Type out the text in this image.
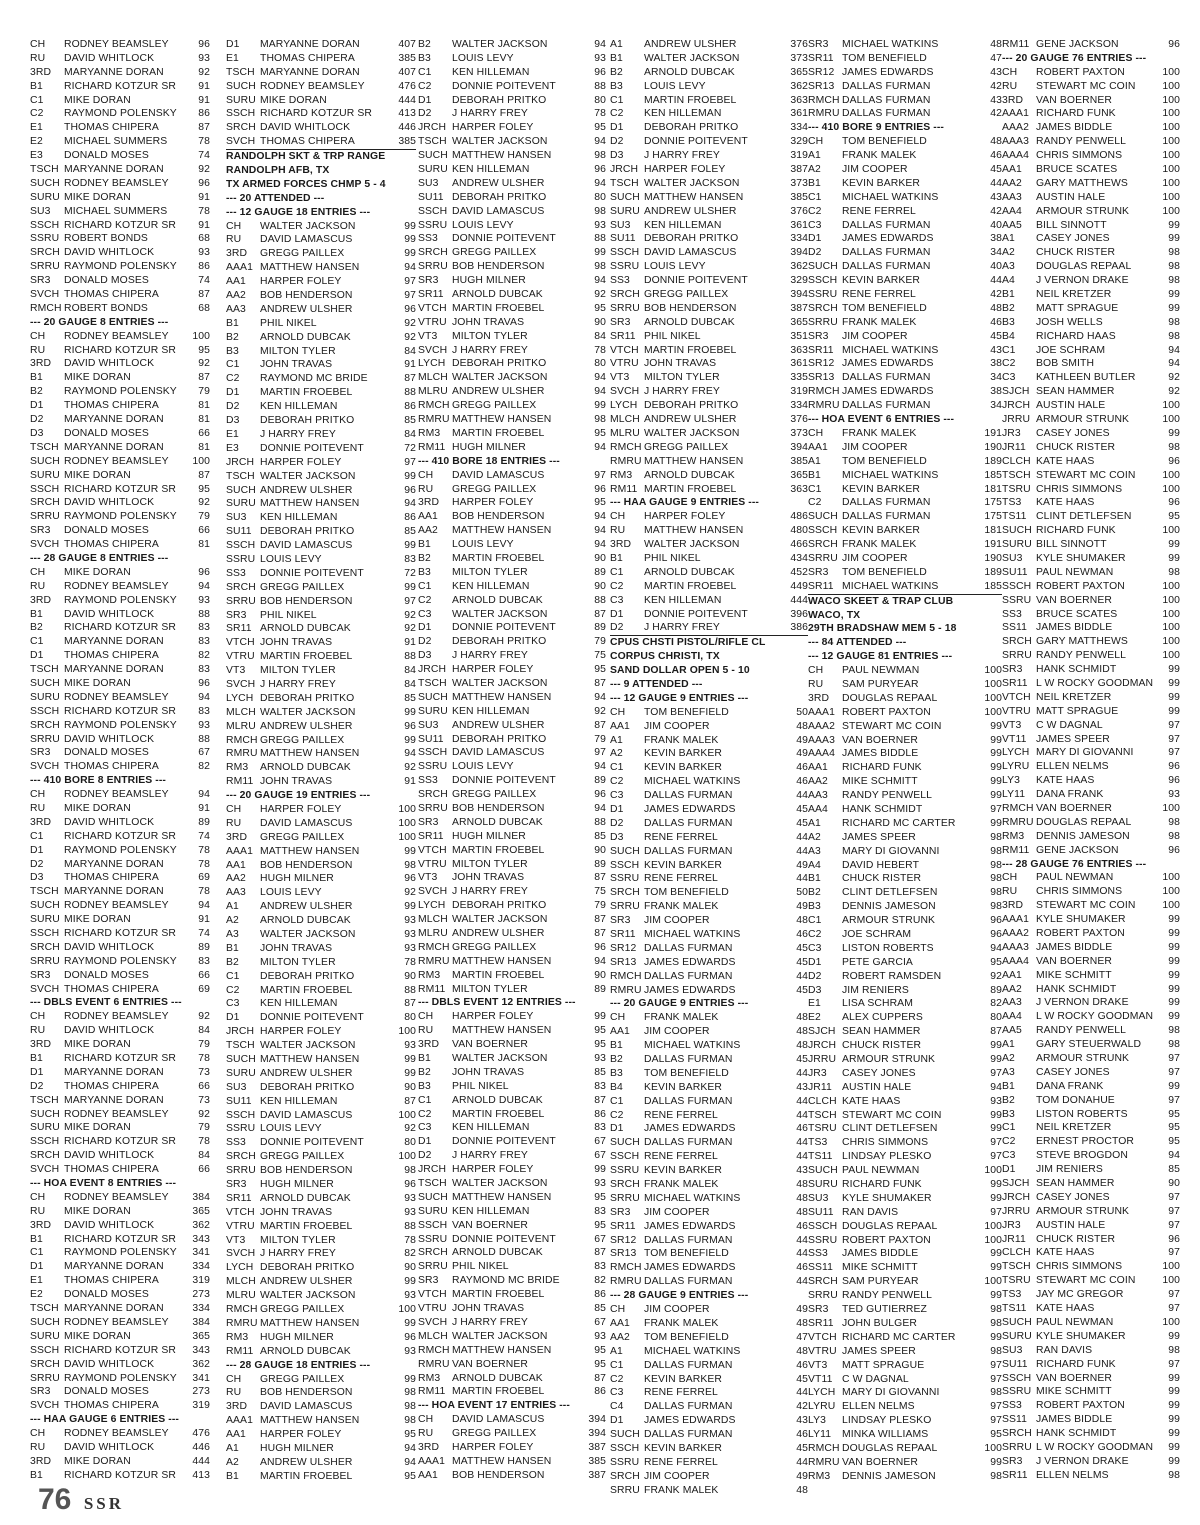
CH RODNEY BEAMSLEY	96
RU DAVID WHITLOCK	93
3RD MARYANNE DORAN	92
B1 RICHARD KOTZUR SR 91
C1 MIKE DORAN	91
C2 RAYMOND POLENSKY 86
E1 THOMAS CHIPERA	87
E2 MICHAEL SUMMERS	78
E3 DONALD MOSES	74
TSCH MARYANNE DORAN	92
SUCH RODNEY BEAMSLEY	96
SURU MIKE DORAN	91
SU3 MICHAEL SUMMERS	78
SSCH RICHARD KOTZUR SR 91
SSRU ROBERT BONDS	68
SRCH DAVID WHITLOCK	93
SRRU RAYMOND POLENSKY 86
SR3 DONALD MOSES	74
SVCH THOMAS CHIPERA	87
RMCH ROBERT BONDS	68
--- 20 GAUGE 8 ENTRIES ---
CH RODNEY BEAMSLEY 100
RU RICHARD KOTZUR SR 95
3RD DAVID WHITLOCK	92
B1 MIKE DORAN	87
B2 RAYMOND POLENSKY 79
D1 THOMAS CHIPERA	81
D2 MARYANNE DORAN	81
D3 DONALD MOSES	66
TSCH MARYANNE DORAN	81
SUCH RODNEY BEAMSLEY 100
SURU MIKE DORAN	87
SSCH RICHARD KOTZUR SR 95
SRCH DAVID WHITLOCK	92
SRRU RAYMOND POLENSKY 79
SR3 DONALD MOSES	66
SVCH THOMAS CHIPERA	81
--- 28 GAUGE 8 ENTRIES ---
CH MIKE DORAN	96
RU RODNEY BEAMSLEY	94
3RD RAYMOND POLENSKY 93
B1 DAVID WHITLOCK	88
B2 RICHARD KOTZUR SR 83
C1 MARYANNE DORAN	83
D1 THOMAS CHIPERA	82
TSCH MARYANNE DORAN	83
SUCH MIKE DORAN	96
SURU RODNEY BEAMSLEY	94
SSCH RICHARD KOTZUR SR 83
SRCH RAYMOND POLENSKY 93
SRRU DAVID WHITLOCK	88
SR3 DONALD MOSES	67
SVCH THOMAS CHIPERA	82
--- 410 BORE 8 ENTRIES ---
CH RODNEY BEAMSLEY	94
RU MIKE DORAN	91
3RD DAVID WHITLOCK	89
C1 RICHARD KOTZUR SR 74
D1 RAYMOND POLENSKY 78
D2 MARYANNE DORAN	78
D3 THOMAS CHIPERA	69
TSCH MARYANNE DORAN	78
SUCH RODNEY BEAMSLEY	94
SURU MIKE DORAN	91
SSCH RICHARD KOTZUR SR 74
SRCH DAVID WHITLOCK	89
SRRU RAYMOND POLENSKY 83
SR3 DONALD MOSES	66
SVCH THOMAS CHIPERA	69
--- DBLS EVENT 6 ENTRIES ---
CH RODNEY BEAMSLEY	92
RU DAVID WHITLOCK	84
3RD MIKE DORAN	79
B1 RICHARD KOTZUR SR 78
D1 MARYANNE DORAN	73
D2 THOMAS CHIPERA	66
TSCH MARYANNE DORAN	73
SUCH RODNEY BEAMSLEY	92
SURU MIKE DORAN	79
SSCH RICHARD KOTZUR SR 78
SRCH DAVID WHITLOCK	84
SVCH THOMAS CHIPERA	66
--- HOA EVENT 8 ENTRIES ---
CH RODNEY BEAMSLEY 384
RU MIKE DORAN	365
3RD DAVID WHITLOCK	362
B1 RICHARD KOTZUR SR 343
C1 RAYMOND POLENSKY 341
D1 MARYANNE DORAN	334
E1 THOMAS CHIPERA	319
E2 DONALD MOSES	273
TSCH MARYANNE DORAN	334
SUCH RODNEY BEAMSLEY 384
SURU MIKE DORAN	365
SSCH RICHARD KOTZUR SR 343
SRCH DAVID WHITLOCK	362
SRRU RAYMOND POLENSKY 341
SR3 DONALD MOSES	273
SVCH THOMAS CHIPERA	319
--- HAA GAUGE 6 ENTRIES ---
CH RODNEY BEAMSLEY 476
RU DAVID WHITLOCK	446
3RD MIKE DORAN	444
B1 RICHARD KOTZUR SR 413
D1 MARYANNE DORAN	407
E1 THOMAS CHIPERA	385
TSCH MARYANNE DORAN	407
SUCH RODNEY BEAMSLEY	476
SURU MIKE DORAN	444
SSCH RICHARD KOTZUR SR	413
SRCH DAVID WHITLOCK	446
SVCH THOMAS CHIPERA	385
RANDOLPH SKT & TRP RANGE
RANDOLPH AFB, TX
TX ARMED FORCES CHMP 5 - 4
--- 20 ATTENDED ---
--- 12 GAUGE 18 ENTRIES ---
CH WALTER JACKSON	99
RU DAVID LAMASCUS	99
3RD GREGG PAILLEX	99
AAA1 MATTHEW HANSEN	94
AA1 HARPER FOLEY	97
AA2 BOB HENDERSON	97
AA3 ANDREW ULSHER	96
B1 PHIL NIKEL	92
B2 ARNOLD DUBCAK	92
B3 MILTON TYLER	84
C1 JOHN TRAVAS	91
C2 RAYMOND MC BRIDE	87
D1 MARTIN FROEBEL	88
D2 KEN HILLEMAN	86
D3 DEBORAH PRITKO	85
E1 J HARRY FREY	84
E3 DONNIE POITEVENT	72
JRCH HARPER FOLEY	97
TSCH WALTER JACKSON	99
SUCH ANDREW ULSHER	96
SURU MATTHEW HANSEN	94
SU3 KEN HILLEMAN	86
SU11 DEBORAH PRITKO	85
SSCH DAVID LAMASCUS	99
SSRU LOUIS LEVY	83
SS3 DONNIE POITEVENT	72
SRCH GREGG PAILLEX	99
SRRU BOB HENDERSON	97
SR3 PHIL NIKEL	92
SR11 ARNOLD DUBCAK	92
VTCH JOHN TRAVAS	91
VTRU MARTIN FROEBEL	88
VT3 MILTON TYLER	84
SVCH J HARRY FREY	84
LYCH DEBORAH PRITKO	85
MLCH WALTER JACKSON	99
MLRU ANDREW ULSHER	96
RMCH GREGG PAILLEX	99
RMRU MATTHEW HANSEN	94
RM3 ARNOLD DUBCAK	92
RM11 JOHN TRAVAS	91
--- 20 GAUGE 19 ENTRIES ---
CH HARPER FOLEY	100
RU DAVID LAMASCUS	100
3RD GREGG PAILLEX	100
AAA1 MATTHEW HANSEN	99
AA1 BOB HENDERSON	98
AA2 HUGH MILNER	96
AA3 LOUIS LEVY	92
A1 ANDREW ULSHER	99
A2 ARNOLD DUBCAK	93
A3 WALTER JACKSON	93
B1 JOHN TRAVAS	93
B2 MILTON TYLER	78
C1 DEBORAH PRITKO	90
C2 MARTIN FROEBEL	88
C3 KEN HILLEMAN	87
D1 DONNIE POITEVENT	80
JRCH HARPER FOLEY	100
TSCH WALTER JACKSON	93
SUCH MATTHEW HANSEN	99
SURU ANDREW ULSHER	99
SU3 DEBORAH PRITKO	90
SU11 KEN HILLEMAN	87
SSCH DAVID LAMASCUS	100
SSRU LOUIS LEVY	92
SS3 DONNIE POITEVENT	80
SRCH GREGG PAILLEX	100
SRRU BOB HENDERSON	98
SR3 HUGH MILNER	96
SR11 ARNOLD DUBCAK	93
VTCH JOHN TRAVAS	93
VTRU MARTIN FROEBEL	88
VT3 MILTON TYLER	78
SVCH J HARRY FREY	82
LYCH DEBORAH PRITKO	90
MLCH ANDREW ULSHER	99
MLRU WALTER JACKSON	93
RMCH GREGG PAILLEX	100
RMRU MATTHEW HANSEN	99
RM3 HUGH MILNER	96
RM11 ARNOLD DUBCAK	93
--- 28 GAUGE 18 ENTRIES ---
CH GREGG PAILLEX	99
RU BOB HENDERSON	98
3RD DAVID LAMASCUS	98
AAA1 MATTHEW HANSEN	98
AA1 HARPER FOLEY	95
A1 HUGH MILNER	94
A2 ANDREW ULSHER	94
B1 MARTIN FROEBEL	95
B2 WALTER JACKSON	94
B3 LOUIS LEVY	93
C1 KEN HILLEMAN	96
C2 DONNIE POITEVENT	88
D1 DEBORAH PRITKO	80
D2 J HARRY FREY	78
JRCH HARPER FOLEY	95
TSCH WALTER JACKSON	94
SUCH MATTHEW HANSEN	98
SURU KEN HILLEMAN	96
SU3 ANDREW ULSHER	94
SU11 DEBORAH PRITKO	80
SSCH DAVID LAMASCUS	98
SSRU LOUIS LEVY	93
SS3 DONNIE POITEVENT	88
SRCH GREGG PAILLEX	99
SRRU BOB HENDERSON	98
SR3 HUGH MILNER	94
SR11 ARNOLD DUBCAK	92
VTCH MARTIN FROEBEL	95
VTRU JOHN TRAVAS	90
VT3 MILTON TYLER	84
SVCH J HARRY FREY	78
LYCH DEBORAH PRITKO	80
MLCH WALTER JACKSON	94
MLRU ANDREW ULSHER	94
RMCH GREGG PAILLEX	99
RMRU MATTHEW HANSEN	98
RM3 MARTIN FROEBEL	95
RM11 HUGH MILNER	94
--- 410 BORE 18 ENTRIES ---
CH DAVID LAMASCUS	97
RU GREGG PAILLEX	96
3RD HARPER FOLEY	95
AA1 BOB HENDERSON	94
AA2 MATTHEW HANSEN	94
B1 LOUIS LEVY	94
B2 MARTIN FROEBEL	90
B3 MILTON TYLER	89
C1 KEN HILLEMAN	90
C2 ARNOLD DUBCAK	88
C3 WALTER JACKSON	87
D1 DONNIE POITEVENT	89
D2 DEBORAH PRITKO	79
D3 J HARRY FREY	75
JRCH HARPER FOLEY	95
TSCH WALTER JACKSON	87
SUCH MATTHEW HANSEN	94
SURU KEN HILLEMAN	92
SU3 ANDREW ULSHER	87
SU11 DEBORAH PRITKO	79
SSCH DAVID LAMASCUS	97
SSRU LOUIS LEVY	94
SS3 DONNIE POITEVENT	89
SRCH GREGG PAILLEX	96
SRRU BOB HENDERSON	94
SR3 ARNOLD DUBCAK	88
SR11 HUGH MILNER	85
VTCH MARTIN FROEBEL	90
VTRU MILTON TYLER	89
VT3 JOHN TRAVAS	87
SVCH J HARRY FREY	75
LYCH DEBORAH PRITKO	79
MLCH WALTER JACKSON	87
MLRU ANDREW ULSHER	87
RMCH GREGG PAILLEX	96
RMRU MATTHEW HANSEN	94
RM3 MARTIN FROEBEL	90
RM11 MILTON TYLER	89
--- DBLS EVENT 12 ENTRIES ---
CH HARPER FOLEY	99
RU MATTHEW HANSEN	95
3RD VAN BOERNER	95
B1 WALTER JACKSON	93
B2 JOHN TRAVAS	85
B3 PHIL NIKEL	83
C1 ARNOLD DUBCAK	87
C2 MARTIN FROEBEL	86
C3 KEN HILLEMAN	83
D1 DONNIE POITEVENT	67
D2 J HARRY FREY	67
JRCH HARPER FOLEY	99
TSCH WALTER JACKSON	93
SUCH MATTHEW HANSEN	95
SURU KEN HILLEMAN	83
SSCH VAN BOERNER	95
SSRU DONNIE POITEVENT	67
SRCH ARNOLD DUBCAK	87
SRRU PHIL NIKEL	83
SR3 RAYMOND MC BRIDE	82
VTCH MARTIN FROEBEL	86
VTRU JOHN TRAVAS	85
SVCH J HARRY FREY	67
MLCH WALTER JACKSON	93
RMCH MATTHEW HANSEN	95
RMRU VAN BOERNER	95
RM3 ARNOLD DUBCAK	87
RM11 MARTIN FROEBEL	86
--- HOA EVENT 17 ENTRIES ---
CH DAVID LAMASCUS	394
RU GREGG PAILLEX	394
3RD HARPER FOLEY	387
AAA1 MATTHEW HANSEN	385
AA1 BOB HENDERSON	387
A1 ANDREW ULSHER	376
B1 WALTER JACKSON	373
B2 ARNOLD DUBCAK	365
B3 LOUIS LEVY	362
C1 MARTIN FROEBEL	363
C2 KEN HILLEMAN	361
D1 DEBORAH PRITKO	334
D2 DONNIE POITEVENT	329
D3 J HARRY FREY	319
JRCH HARPER FOLEY	387
TSCH WALTER JACKSON	373
SUCH MATTHEW HANSEN	385
SURU ANDREW ULSHER	376
SU3 KEN HILLEMAN	361
SU11 DEBORAH PRITKO	334
SSCH DAVID LAMASCUS	394
SSRU LOUIS LEVY	362
SS3 DONNIE POITEVENT	329
SRCH GREGG PAILLEX	394
SRRU BOB HENDERSON	387
SR3 ARNOLD DUBCAK	365
SR11 PHIL NIKEL	351
VTCH MARTIN FROEBEL	363
VTRU JOHN TRAVAS	361
VT3 MILTON TYLER	335
SVCH J HARRY FREY	319
LYCH DEBORAH PRITKO	334
MLCH ANDREW ULSHER	376
MLRU WALTER JACKSON	373
RMCH GREGG PAILLEX	394
RMRU MATTHEW HANSEN	385
RM3 ARNOLD DUBCAK	365
RM11 MARTIN FROEBEL	363
--- HAA GAUGE 9 ENTRIES ---
CH HARPER FOLEY	486
RU MATTHEW HANSEN	480
3RD WALTER JACKSON	466
B1 PHIL NIKEL	434
C1 ARNOLD DUBCAK	452
C2 MARTIN FROEBEL	449
C3 KEN HILLEMAN	444
D1 DONNIE POITEVENT	396
D2 J HARRY FREY	386
CPUS CHSTI PISTOL/RIFLE CL
CORPUS CHRISTI, TX
SAND DOLLAR OPEN 5 - 10
--- 9 ATTENDED ---
--- 12 GAUGE 9 ENTRIES ---
CH TOM BENEFIELD	50
AA1 JIM COOPER	48
A1 FRANK MALEK	49
A2 KEVIN BARKER	49
C1 KEVIN BARKER	46
C2 MICHAEL WATKINS	46
C3 DALLAS FURMAN	44
D1 JAMES EDWARDS	45
D2 DALLAS FURMAN	45
D3 RENE FERREL	44
SUCH DALLAS FURMAN	44
SSCH KEVIN BARKER	49
SSRU RENE FERREL	44
SRCH TOM BENEFIELD	50
SRRU FRANK MALEK	49
SR3 JIM COOPER	48
SR11 MICHAEL WATKINS	46
SR12 DALLAS FURMAN	45
SR13 JAMES EDWARDS	45
RMCH DALLAS FURMAN	44
RMRU JAMES EDWARDS	45
--- 20 GAUGE 9 ENTRIES ---
CH FRANK MALEK	48
AA1 JIM COOPER	48
B1 MICHAEL WATKINS	48
B2 DALLAS FURMAN	45
B3 TOM BENEFIELD	44
B4 KEVIN BARKER	43
C1 DALLAS FURMAN	44
C2 RENE FERREL	44
D1 JAMES EDWARDS	46
SUCH DALLAS FURMAN	44
SSCH RENE FERREL	44
SSRU KEVIN BARKER	43
SRCH FRANK MALEK	48
SRRU MICHAEL WATKINS	48
SR3 JIM COOPER	48
SR11 JAMES EDWARDS	46
SR12 DALLAS FURMAN	44
SR13 TOM BENEFIELD	44
RMCH JAMES EDWARDS	46
RMRU DALLAS FURMAN	44
--- 28 GAUGE 9 ENTRIES ---
CH JIM COOPER	49
AA1 FRANK MALEK	48
AA2 TOM BENEFIELD	47
A1 MICHAEL WATKINS	48
C1 DALLAS FURMAN	46
C2 KEVIN BARKER	45
C3 RENE FERREL	44
C4 DALLAS FURMAN	42
D1 JAMES EDWARDS	43
SUCH DALLAS FURMAN	46
SSCH KEVIN BARKER	45
SSRU RENE FERREL	44
SRCH JIM COOPER	49
SRRU FRANK MALEK	48
SR3 MICHAEL WATKINS	48
SR11 TOM BENEFIELD	47
SR12 JAMES EDWARDS	43
SR13 DALLAS FURMAN	42
RMCH DALLAS FURMAN	43
RMRU DALLAS FURMAN	42
--- 410 BORE 9 ENTRIES ---
CH TOM BENEFIELD	48
A1 FRANK MALEK	46
A2 JIM COOPER	45
B1 KEVIN BARKER	44
C1 MICHAEL WATKINS	43
C2 RENE FERREL	42
C3 DALLAS FURMAN	40
D1 JAMES EDWARDS	38
D2 DALLAS FURMAN	34
SUCH DALLAS FURMAN	40
SSCH KEVIN BARKER	44
SSRU RENE FERREL	42
SRCH TOM BENEFIELD	48
SRRU FRANK MALEK	46
SR3 JIM COOPER	45
SR11 MICHAEL WATKINS	43
SR12 JAMES EDWARDS	38
SR13 DALLAS FURMAN	34
RMCH JAMES EDWARDS	38
RMRU DALLAS FURMAN	34
--- HOA EVENT 6 ENTRIES ---
CH FRANK MALEK	191
AA1 JIM COOPER	190
A1 TOM BENEFIELD	189
B1 MICHAEL WATKINS	185
C1 KEVIN BARKER	181
C2 DALLAS FURMAN	175
SUCH DALLAS FURMAN	175
SSCH KEVIN BARKER	181
SRCH FRANK MALEK	191
SRRU JIM COOPER	190
SR3 TOM BENEFIELD	189
SR11 MICHAEL WATKINS	185
WACO SKEET & TRAP CLUB
WACO, TX
29TH BRADSHAW MEM 5 - 18
--- 84 ATTENDED ---
--- 12 GAUGE 81 ENTRIES ---
CH PAUL NEWMAN	100
RU SAM PURYEAR	100
3RD DOUGLAS REPAAL	100
AAA1 ROBERT PAXTON	100
AAA2 STEWART MC COIN	99
AAA3 VAN BOERNER	99
AAA4 JAMES BIDDLE	99
AA1 RICHARD FUNK	99
AA2 MIKE SCHMITT	99
AA3 RANDY PENWELL	99
AA4 HANK SCHMIDT	97
A1 RICHARD MC CARTER	99
A2 JAMES SPEER	98
A3 MARY DI GIOVANNI	98
A4 DAVID HEBERT	98
B1 CHUCK RISTER	98
B2 CLINT DETLEFSEN	98
B3 DENNIS JAMESON	98
C1 ARMOUR STRUNK	96
C2 JOE SCHRAM	96
C3 LISTON ROBERTS	94
D1 PETE GARCIA	95
D2 ROBERT RAMSDEN	92
D3 JIM RENIERS	89
E1 LISA SCHRAM	82
E2 ALEX CUPPERS	80
SJCH SEAN HAMMER	87
JRCH CHUCK RISTER	99
JRRU ARMOUR STRUNK	99
JR3 CASEY JONES	97
JR11 AUSTIN HALE	94
CLCH KATE HAAS	93
TSCH STEWART MC COIN	99
TSRU CLINT DETLEFSEN	99
TS3 CHRIS SIMMONS	97
TS11 LINDSAY PLESKO	97
SUCH PAUL NEWMAN	100
SURU RICHARD FUNK	99
SU3 KYLE SHUMAKER	99
SU11 RAN DAVIS	97
SSCH DOUGLAS REPAAL	100
SSRU ROBERT PAXTON	100
SS3 JAMES BIDDLE	99
SS11 MIKE SCHMITT	99
SRCH SAM PURYEAR	100
SRRU RANDY PENWELL	99
SR3 TED GUTIERREZ	98
SR11 JOHN BULGER	98
VTCH RICHARD MC CARTER	99
VTRU JAMES SPEER	98
VT3 MATT SPRAGUE	97
VT11 C W DAGNAL	97
LYCH MARY DI GIOVANNI	98
LYRU ELLEN NELMS	97
LY3 LINDSAY PLESKO	97
LY11 MINKA WILLIAMS	95
RMCH DOUGLAS REPAAL	100
RMRU VAN BOERNER	99
RM3 DENNIS JAMESON	98
RM11 GENE JACKSON	96
--- 20 GAUGE 76 ENTRIES ---
CH ROBERT PAXTON	100
RU STEWART MC COIN	100
3RD VAN BOERNER	100
AAA1 RICHARD FUNK	100
AAA2 JAMES BIDDLE	100
AAA3 RANDY PENWELL	100
AAA4 CHRIS SIMMONS	100
AA1 BRUCE SCATES	100
AA2 GARY MATTHEWS	100
AA3 AUSTIN HALE	100
AA4 ARMOUR STRUNK	100
AA5 BILL SINNOTT	99
A1 CASEY JONES	99
A2 CHUCK RISTER	98
A3 DOUGLAS REPAAL	98
A4 J VERNON DRAKE	98
B1 NEIL KRETZER	99
B2 MATT SPRAGUE	99
B3 JOSH WELLS	98
B4 RICHARD HAAS	98
C1 JOE SCHRAM	94
C2 BOB SMITH	94
C3 KATHLEEN BUTLER	92
SJCH SEAN HAMMER	92
JRCH AUSTIN HALE	100
JRRU ARMOUR STRUNK	100
JR3 CASEY JONES	99
JR11 CHUCK RISTER	98
CLCH KATE HAAS	96
TSCH STEWART MC COIN	100
TSRU CHRIS SIMMONS	100
TS3 KATE HAAS	96
TS11 CLINT DETLEFSEN	95
SUCH RICHARD FUNK	100
SURU BILL SINNOTT	99
SU3 KYLE SHUMAKER	99
SU11 PAUL NEWMAN	98
SSCH ROBERT PAXTON	100
SSRU VAN BOERNER	100
SS3 BRUCE SCATES	100
SS11 JAMES BIDDLE	100
SRCH GARY MATTHEWS	100
SRRU RANDY PENWELL	100
SR3 HANK SCHMIDT	99
SR11 L W ROCKY GOODMAN 99
VTCH NEIL KRETZER	99
VTRU MATT SPRAGUE	99
VT3 C W DAGNAL	97
VT11 JAMES SPEER	97
LYCH MARY DI GIOVANNI	97
LYRU ELLEN NELMS	96
LY3 KATE HAAS	96
LY11 DANA FRANK	93
RMCH VAN BOERNER	100
RMRU DOUGLAS REPAAL	98
RM3 DENNIS JAMESON	98
RM11 GENE JACKSON	96
--- 28 GAUGE 76 ENTRIES ---
CH PAUL NEWMAN	100
RU CHRIS SIMMONS	100
3RD STEWART MC COIN	100
AAA1 KYLE SHUMAKER	99
AAA2 ROBERT PAXTON	99
AAA3 JAMES BIDDLE	99
AAA4 VAN BOERNER	99
AA1 MIKE SCHMITT	99
AA2 HANK SCHMIDT	99
AA3 J VERNON DRAKE	99
AA4 L W ROCKY GOODMAN 99
AA5 RANDY PENWELL	98
A1 GARY STEUERWALD	98
A2 ARMOUR STRUNK	97
A3 CASEY JONES	97
B1 DANA FRANK	99
B2 TOM DONAHUE	97
B3 LISTON ROBERTS	95
C1 NEIL KRETZER	95
C2 ERNEST PROCTOR	95
C3 STEVE BROGDON	94
D1 JIM RENIERS	85
SJCH SEAN HAMMER	90
JRCH CASEY JONES	97
JRRU ARMOUR STRUNK	97
JR3 AUSTIN HALE	97
JR11 CHUCK RISTER	96
CLCH KATE HAAS	97
TSCH CHRIS SIMMONS	100
TSRU STEWART MC COIN	100
TS3 JAY MC GREGOR	97
TS11 KATE HAAS	97
SUCH PAUL NEWMAN	100
SURU KYLE SHUMAKER	99
SU3 RAN DAVIS	98
SU11 RICHARD FUNK	97
SSCH VAN BOERNER	99
SSRU MIKE SCHMITT	99
SS3 ROBERT PAXTON	99
SS11 JAMES BIDDLE	99
SRCH HANK SCHMIDT	99
SRRU L W ROCKY GOODMAN 99
SR3 J VERNON DRAKE	99
SR11 ELLEN NELMS	98
76 SSR
